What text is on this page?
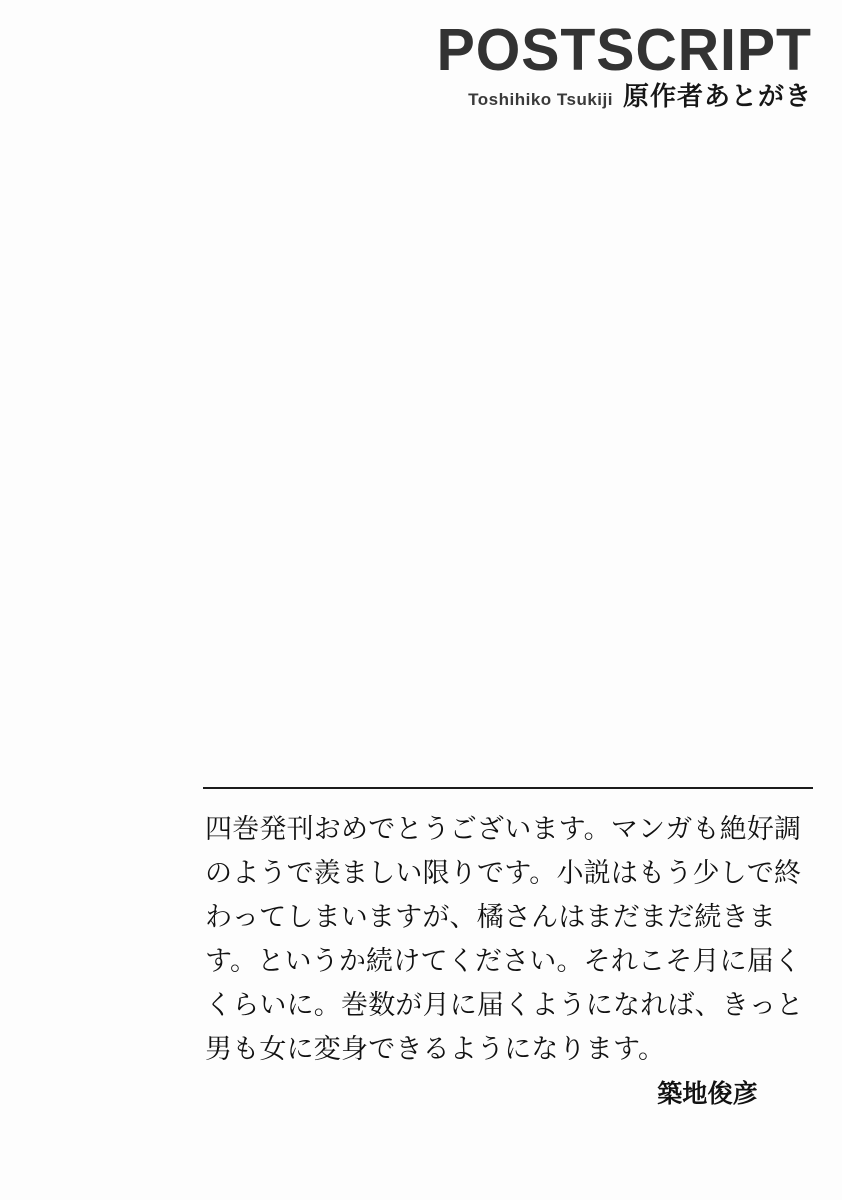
POSTSCRIPT
Toshihiko Tsukiji 原作者あとがき

四巻発刊おめでとうございます。マンガも絶好調のようで羨ましい限りです。小説はもう少しで終わってしまいますが、橘さんはまだまだ続きます。というか続けてください。それこそ月に届くくらいに。巻数が月に届くようになれば、きっと男も女に変身できるようになります。

築地俊彦
